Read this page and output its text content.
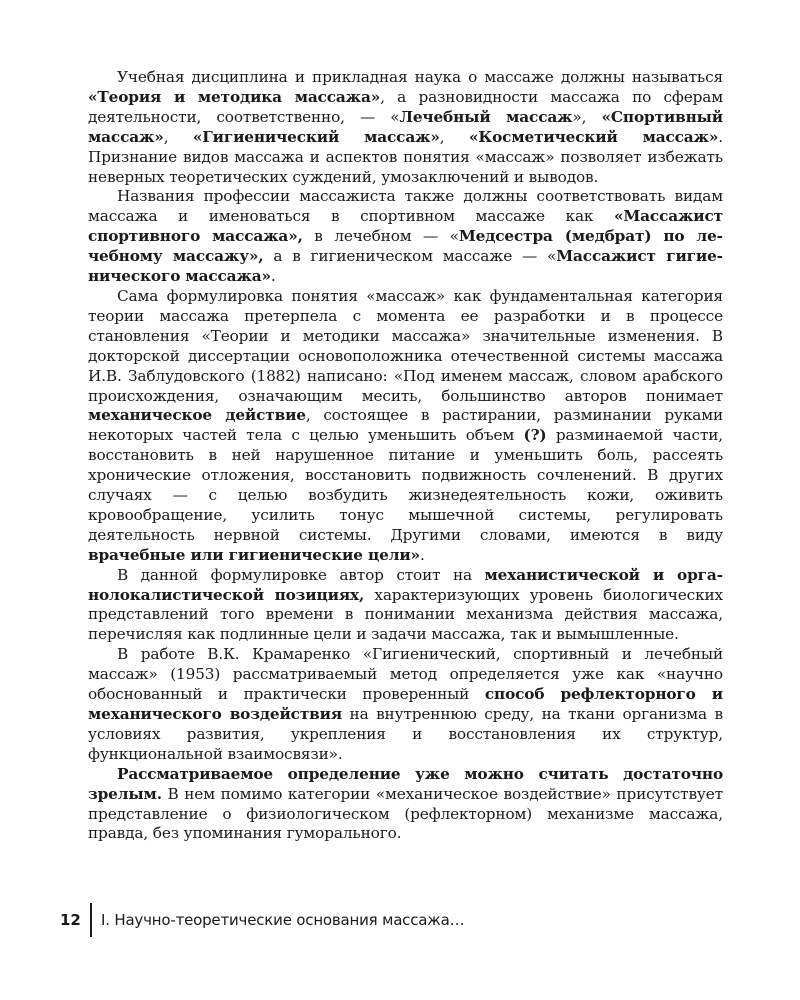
Учебная дисциплина и прикладная наука о массаже должны называться «Теория и методика массажа», а разновидности массажа по сферам деятельности, соответственно, — «Лечебный массаж», «Спортивный массаж», «Гигиенический массаж», «Косметический массаж». Признание видов массажа и аспектов понятия «массаж» позволяет избежать неверных теоретических суждений, умозаключений и выводов.

Названия профессии массажиста также должны соответствовать видам массажа и именоваться в спортивном массаже как «Массажист спортивного массажа», в лечебном — «Медсестра (медбрат) по лечебному массажу», а в гигиеническом массаже — «Массажист гигиенического массажа».

Сама формулировка понятия «массаж» как фундаментальная категория теории массажа претерпела с момента ее разработки и в процессе становления «Теории и методики массажа» значительные изменения. В докторской диссертации основоположника отечественной системы массажа И.В. Заблудовского (1882) написано: «Под именем массаж, словом арабского происхождения, означающим месить, большинство авторов понимает механическое действие, состоящее в растирании, разминании руками некоторых частей тела с целью уменьшить объем (?) разминаемой части, восстановить в ней нарушенное питание и уменьшить боль, рассеять хронические отложения, восстановить подвижность сочленений. В других случаях — с целью возбудить жизнедеятельность кожи, оживить кровообращение, усилить тонус мышечной системы, регулировать деятельность нервной системы. Другими словами, имеются в виду врачебные или гигиенические цели».

В данной формулировке автор стоит на механистической и органолокалистической позициях, характеризующих уровень биологических представлений того времени в понимании механизма действия массажа, перечисляя как подлинные цели и задачи массажа, так и вымышленные.

В работе В.К. Крамаренко «Гигиенический, спортивный и лечебный массаж» (1953) рассматриваемый метод определяется уже как «научно обоснованный и практически проверенный способ рефлекторного и механического воздействия на внутреннюю среду, на ткани организма в условиях развития, укрепления и восстановления их структур, функциональной взаимосвязи».

Рассматриваемое определение уже можно считать достаточно зрелым. В нем помимо категории «механическое воздействие» присутствует представление о физиологическом (рефлекторном) механизме массажа, правда, без упоминания гуморального.

12 I. Научно-теоретические основания массажа…
